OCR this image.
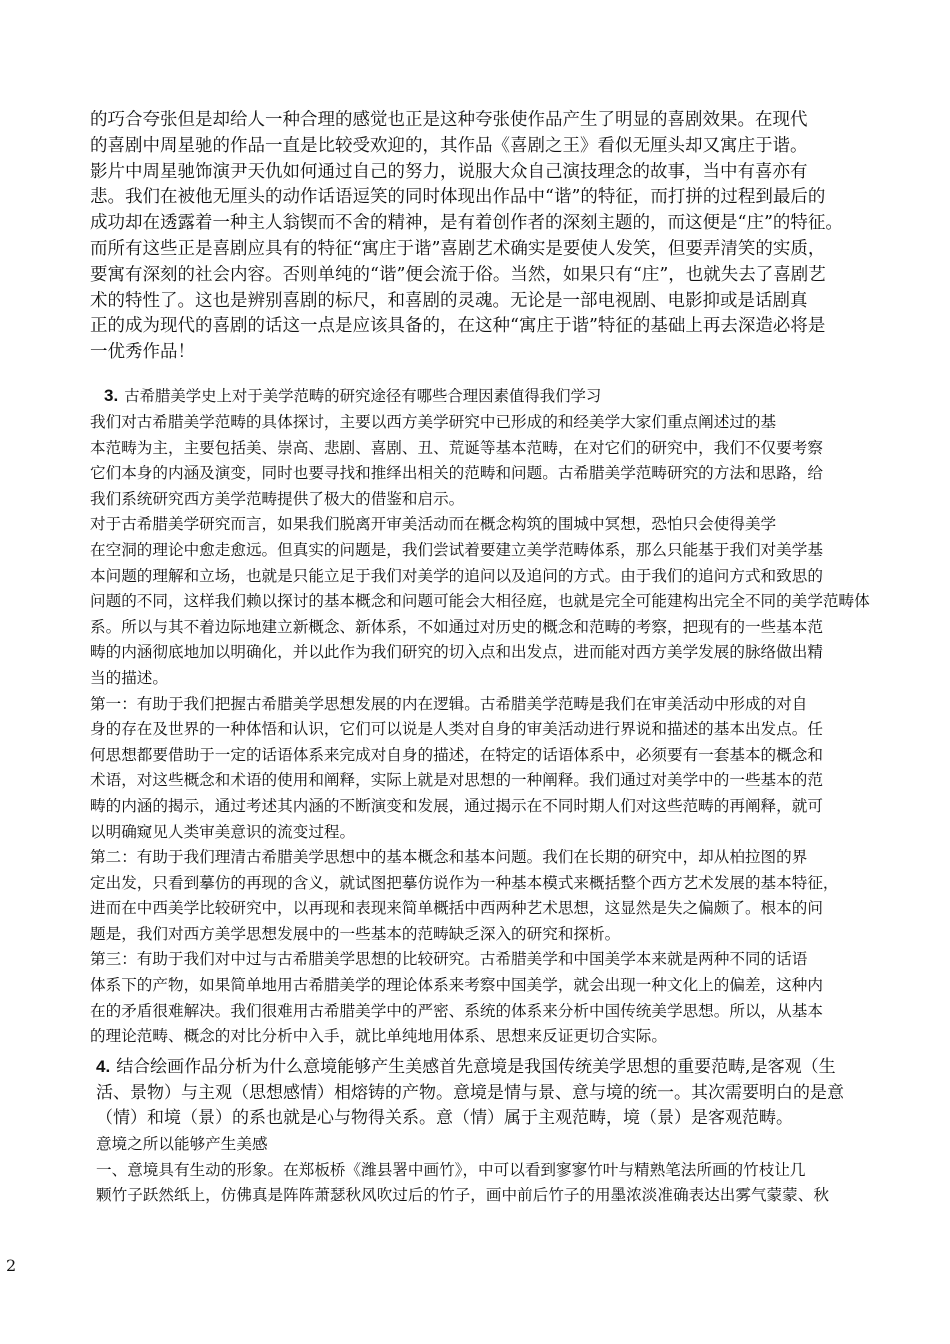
的巧合夸张但是却给人一种合理的感觉也正是这种夸张使作品产生了明显的喜剧效果。在现代
的喜剧中周星驰的作品一直是比较受欢迎的，其作品《喜剧之王》看似无厘头却又寓庄于谐。
影片中周星驰饰演尹天仇如何通过自己的努力，说服大众自己演技理念的故事，当中有喜亦有
悲。我们在被他无厘头的动作话语逗笑的同时体现出作品中“谐”的特征，而打拼的过程到最后的
成功却在透露着一种主人翁锲而不舍的精神，是有着创作者的深刻主题的，而这便是“庄”的特征。
而所有这些正是喜剧应具有的特征“寓庄于谐”喜剧艺术确实是要使人发笑，但要弄清笑的实质，
要寓有深刻的社会内容。否则单纯的“谐”便会流于俗。当然，如果只有“庄”，也就失去了喜剧艺
术的特性了。这也是辨别喜剧的标尺，和喜剧的灵魂。无论是一部电视剧、电影抑或是话剧真
正的成为现代的喜剧的话这一点是应该具备的，在这种“寓庄于谐”特征的基础上再去深造必将是
一优秀作品！
3. 古希腊美学史上对于美学范畴的研究途径有哪些合理因素值得我们学习
我们对古希腊美学范畴的具体探讨，主要以西方美学研究中已形成的和经美学大家们重点阐述过的基
本范畴为主，主要包括美、崇高、悲剧、喜剧、丑、荒诞等基本范畴，在对它们的研究中，我们不仅要考察
它们本身的内涵及演变，同时也要寻找和推绎出相关的范畴和问题。古希腊美学范畴研究的方法和思路，给
我们系统研究西方美学范畴提供了极大的借鉴和启示。
对于古希腊美学研究而言，如果我们脱离开审美活动而在概念构筑的围城中冥想，恐怕只会使得美学
在空洞的理论中愈走愈远。但真实的问题是，我们尝试着要建立美学范畴体系，那么只能基于我们对美学基
本问题的理解和立场，也就是只能立足于我们对美学的追问以及追问的方式。由于我们的追问方式和致思的
问题的不同，这样我们赖以探讨的基本概念和问题可能会大相径庭，也就是完全可能建构出完全不同的美学范畴体
系。所以与其不着边际地建立新概念、新体系，不如通过对历史的概念和范畴的考察，把现有的一些基本范
畴的内涵彻底地加以明确化，并以此作为我们研究的切入点和出发点，进而能对西方美学发展的脉络做出精
当的描述。
第一：有助于我们把握古希腊美学思想发展的内在逻辑。古希腊美学范畴是我们在审美活动中形成的对自
身的存在及世界的一种体悟和认识，它们可以说是人类对自身的审美活动进行界说和描述的基本出发点。任
何思想都要借助于一定的话语体系来完成对自身的描述，在特定的话语体系中，必须要有一套基本的概念和
术语，对这些概念和术语的使用和阐释，实际上就是对思想的一种阐释。我们通过对美学中的一些基本的范
畴的内涵的揭示，通过考述其内涵的不断演变和发展，通过揭示在不同时期人们对这些范畴的再阐释，就可
以明确窥见人类审美意识的流变过程。
第二：有助于我们理清古希腊美学思想中的基本概念和基本问题。我们在长期的研究中，却从柏拉图的界
定出发，只看到摹仿的再现的含义，就试图把摹仿说作为一种基本模式来概括整个西方艺术发展的基本特征，
进而在中西美学比较研究中，以再现和表现来简单概括中西两种艺术思想，这显然是失之偏颇了。根本的问
题是，我们对西方美学思想发展中的一些基本的范畴缺乏深入的研究和探析。
第三：有助于我们对中过与古希腊美学思想的比较研究。古希腊美学和中国美学本来就是两种不同的话语
体系下的产物，如果简单地用古希腊美学的理论体系来考察中国美学，就会出现一种文化上的偏差，这种内
在的矛盾很难解决。我们很难用古希腊美学中的严密、系统的体系来分析中国传统美学思想。所以，从基本
的理论范畴、概念的对比分析中入手，就比单纯地用体系、思想来反证更切合实际。
4. 结合绘画作品分析为什么意境能够产生美感首先意境是我国传统美学思想的重要范畴,是客观（生
活、景物）与主观（思想感情）相熔铸的产物。意境是情与景、意与境的统一。其次需要明白的是意
（情）和境（景）的系也就是心与物得关系。意（情）属于主观范畴，境（景）是客观范畴。
意境之所以能够产生美感
一、意境具有生动的形象。在郑板桥《潍县署中画竹》，中可以看到寥寥竹叶与精熟笔法所画的竹枝让几
颗竹子跃然纸上，仿佛真是阵阵萧瑟秋风吹过后的竹子，画中前后竹子的用墨浓淡准确表达出雾气蒙蒙、秋
2
